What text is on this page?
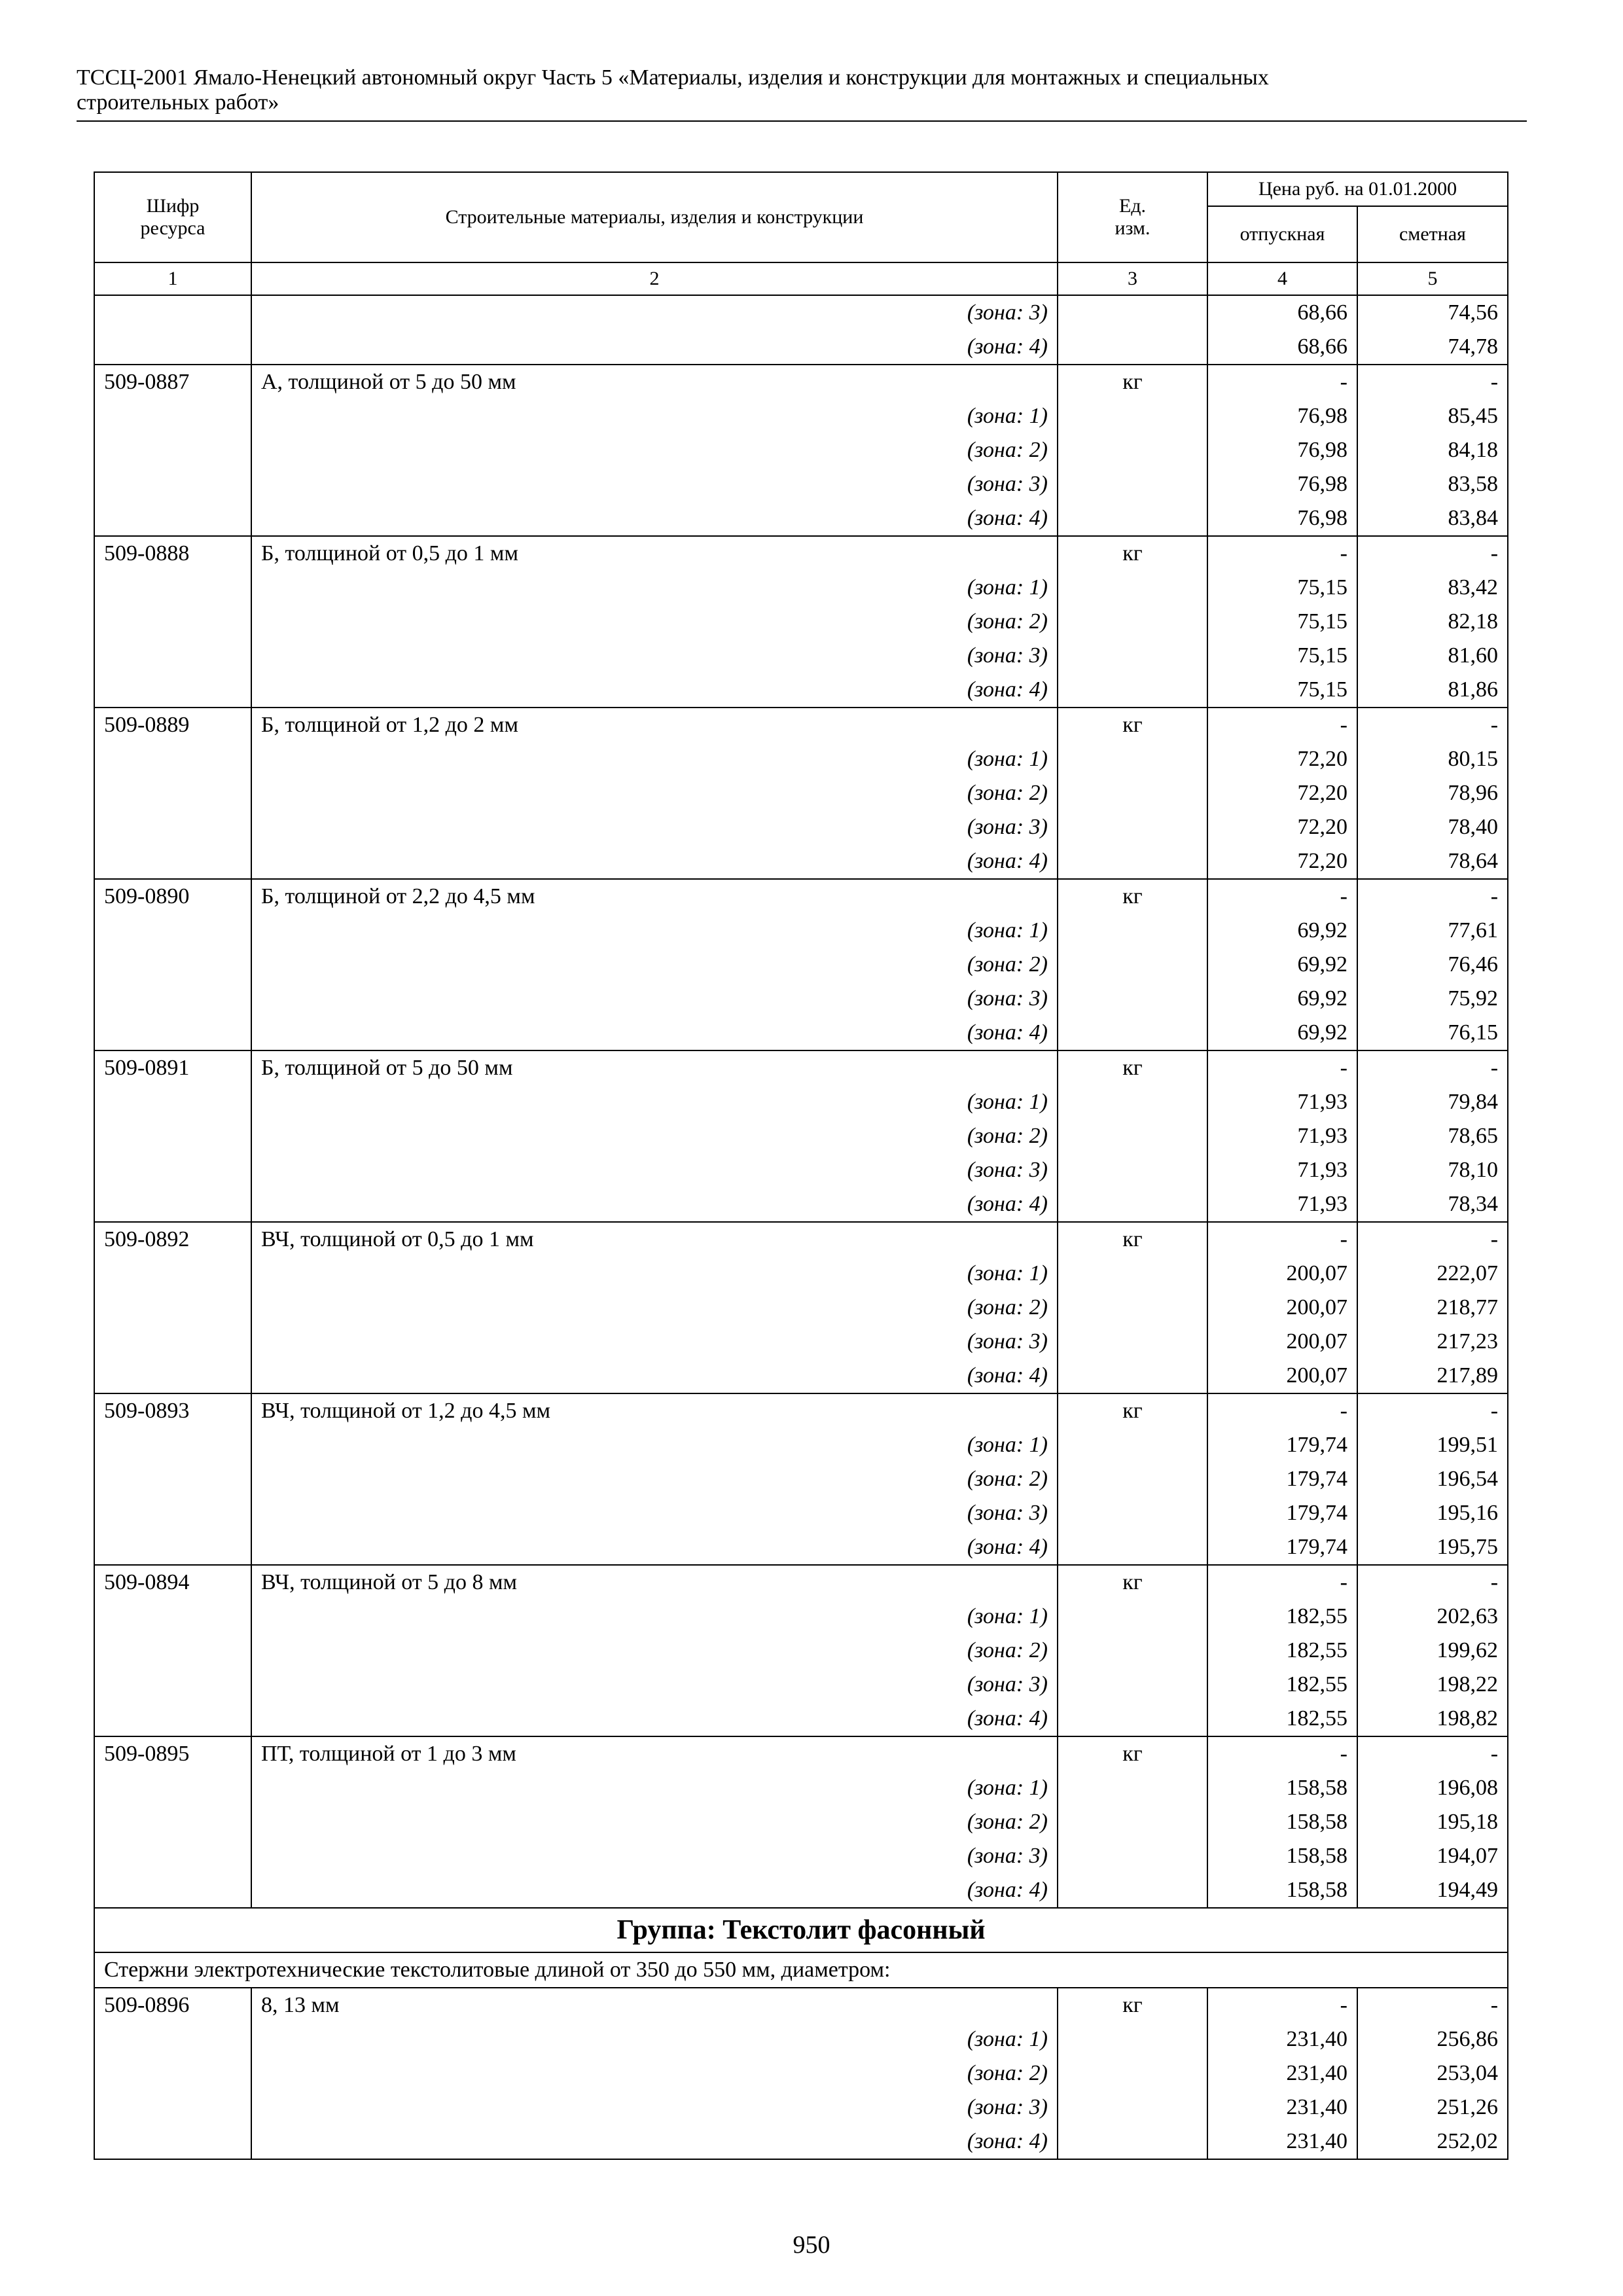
ТССЦ-2001 Ямало-Ненецкий автономный округ Часть 5 «Материалы, изделия и конструкции для монтажных и специальных
строительных работ»
Шифр ресурса	Строительные материалы, изделия и конструкции	Ед. изм.	Цена руб. на 01.01.2000	
			отпускная	сметная
1	2	3	4	5
	(зона: 3)		68,66	74,56
	(зона: 4)		68,66	74,78
509-0887	А, толщиной от 5 до 50 мм	кг	-	-
	(зона: 1)		76,98	85,45
	(зона: 2)		76,98	84,18
	(зона: 3)		76,98	83,58
	(зона: 4)		76,98	83,84
509-0888	Б, толщиной от 0,5 до 1 мм	кг	-	-
	(зона: 1)		75,15	83,42
	(зона: 2)		75,15	82,18
	(зона: 3)		75,15	81,60
	(зона: 4)		75,15	81,86
509-0889	Б, толщиной от 1,2 до 2 мм	кг	-	-
	(зона: 1)		72,20	80,15
	(зона: 2)		72,20	78,96
	(зона: 3)		72,20	78,40
	(зона: 4)		72,20	78,64
509-0890	Б, толщиной от 2,2 до 4,5 мм	кг	-	-
	(зона: 1)		69,92	77,61
	(зона: 2)		69,92	76,46
	(зона: 3)		69,92	75,92
	(зона: 4)		69,92	76,15
509-0891	Б, толщиной от 5 до 50 мм	кг	-	-
	(зона: 1)		71,93	79,84
	(зона: 2)		71,93	78,65
	(зона: 3)		71,93	78,10
	(зона: 4)		71,93	78,34
509-0892	ВЧ, толщиной от 0,5 до 1 мм	кг	-	-
	(зона: 1)		200,07	222,07
	(зона: 2)		200,07	218,77
	(зона: 3)		200,07	217,23
	(зона: 4)		200,07	217,89
509-0893	ВЧ, толщиной от 1,2 до 4,5 мм	кг	-	-
	(зона: 1)		179,74	199,51
	(зона: 2)		179,74	196,54
	(зона: 3)		179,74	195,16
	(зона: 4)		179,74	195,75
509-0894	ВЧ, толщиной от 5 до 8 мм	кг	-	-
	(зона: 1)		182,55	202,63
	(зона: 2)		182,55	199,62
	(зона: 3)		182,55	198,22
	(зона: 4)		182,55	198,82
509-0895	ПТ, толщиной от 1 до 3 мм	кг	-	-
	(зона: 1)		158,58	196,08
	(зона: 2)		158,58	195,18
	(зона: 3)		158,58	194,07
	(зона: 4)		158,58	194,49
Группа: Текстолит фасонный				
Стержни электротехнические текстолитовые длиной от 350 до 550 мм, диаметром:				
509-0896	8, 13 мм	кг	-	-
	(зона: 1)		231,40	256,86
	(зона: 2)		231,40	253,04
	(зона: 3)		231,40	251,26
	(зона: 4)		231,40	252,02
950
